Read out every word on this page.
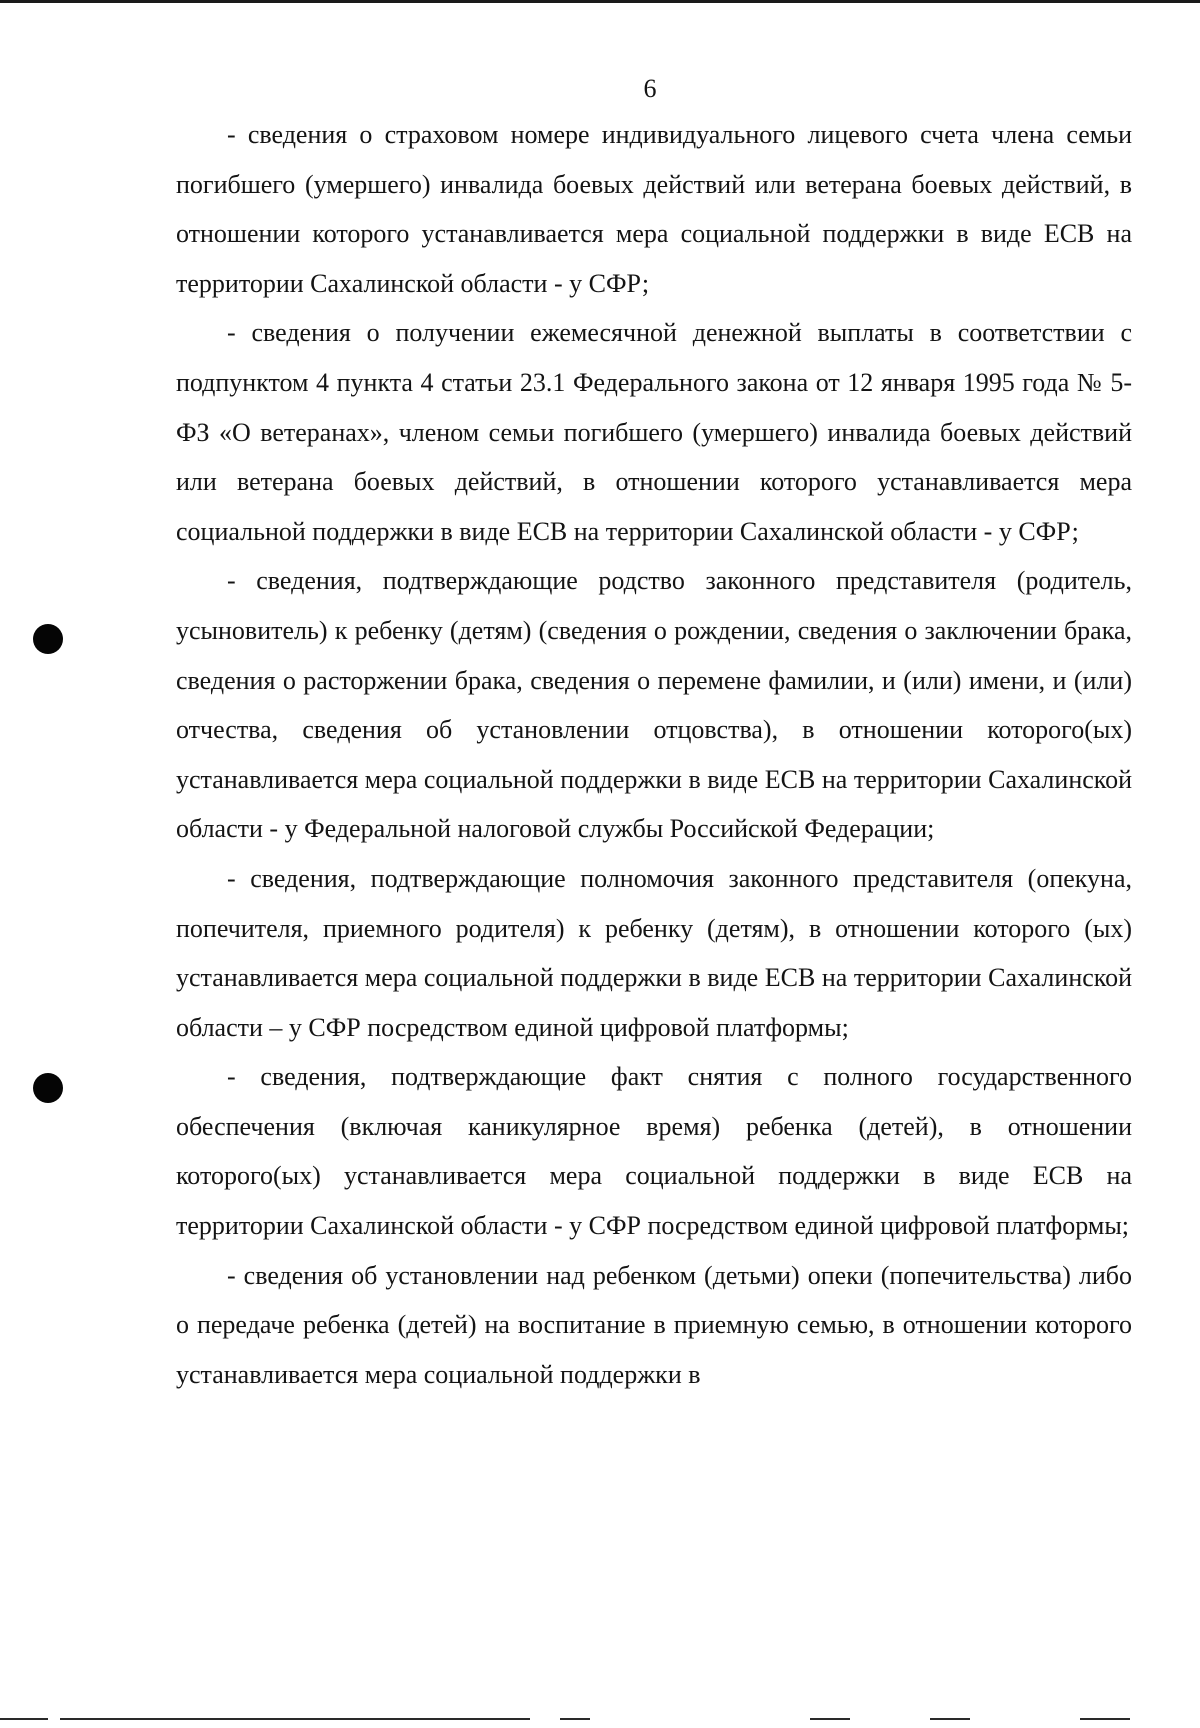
6

- сведения о страховом номере индивидуального лицевого счета члена семьи погибшего (умершего) инвалида боевых действий или ветерана боевых действий, в отношении которого устанавливается мера социальной поддержки в виде ЕСВ на территории Сахалинской области - у СФР;

- сведения о получении ежемесячной денежной выплаты в соответствии с подпунктом 4 пункта 4 статьи 23.1 Федерального закона от 12 января 1995 года № 5-ФЗ «О ветеранах», членом семьи погибшего (умершего) инвалида боевых действий или ветерана боевых действий, в отношении которого устанавливается мера социальной поддержки в виде ЕСВ на территории Сахалинской области - у СФР;

- сведения, подтверждающие родство законного представителя (родитель, усыновитель) к ребенку (детям) (сведения о рождении, сведения о заключении брака, сведения о расторжении брака, сведения о перемене фамилии, и (или) имени, и (или) отчества, сведения об установлении отцовства), в отношении которого(ых) устанавливается мера социальной поддержки в виде ЕСВ на территории Сахалинской области - у Федеральной налоговой службы Российской Федерации;

- сведения, подтверждающие полномочия законного представителя (опекуна, попечителя, приемного родителя) к ребенку (детям), в отношении которого (ых) устанавливается мера социальной поддержки в виде ЕСВ на территории Сахалинской области – у СФР посредством единой цифровой платформы;

- сведения, подтверждающие факт снятия с полного государственного обеспечения (включая каникулярное время) ребенка (детей), в отношении которого(ых) устанавливается мера социальной поддержки в виде ЕСВ на территории Сахалинской области - у СФР посредством единой цифровой платформы;

- сведения об установлении над ребенком (детьми) опеки (попечительства) либо о передаче ребенка (детей) на воспитание в приемную семью, в отношении которого устанавливается мера социальной поддержки в
